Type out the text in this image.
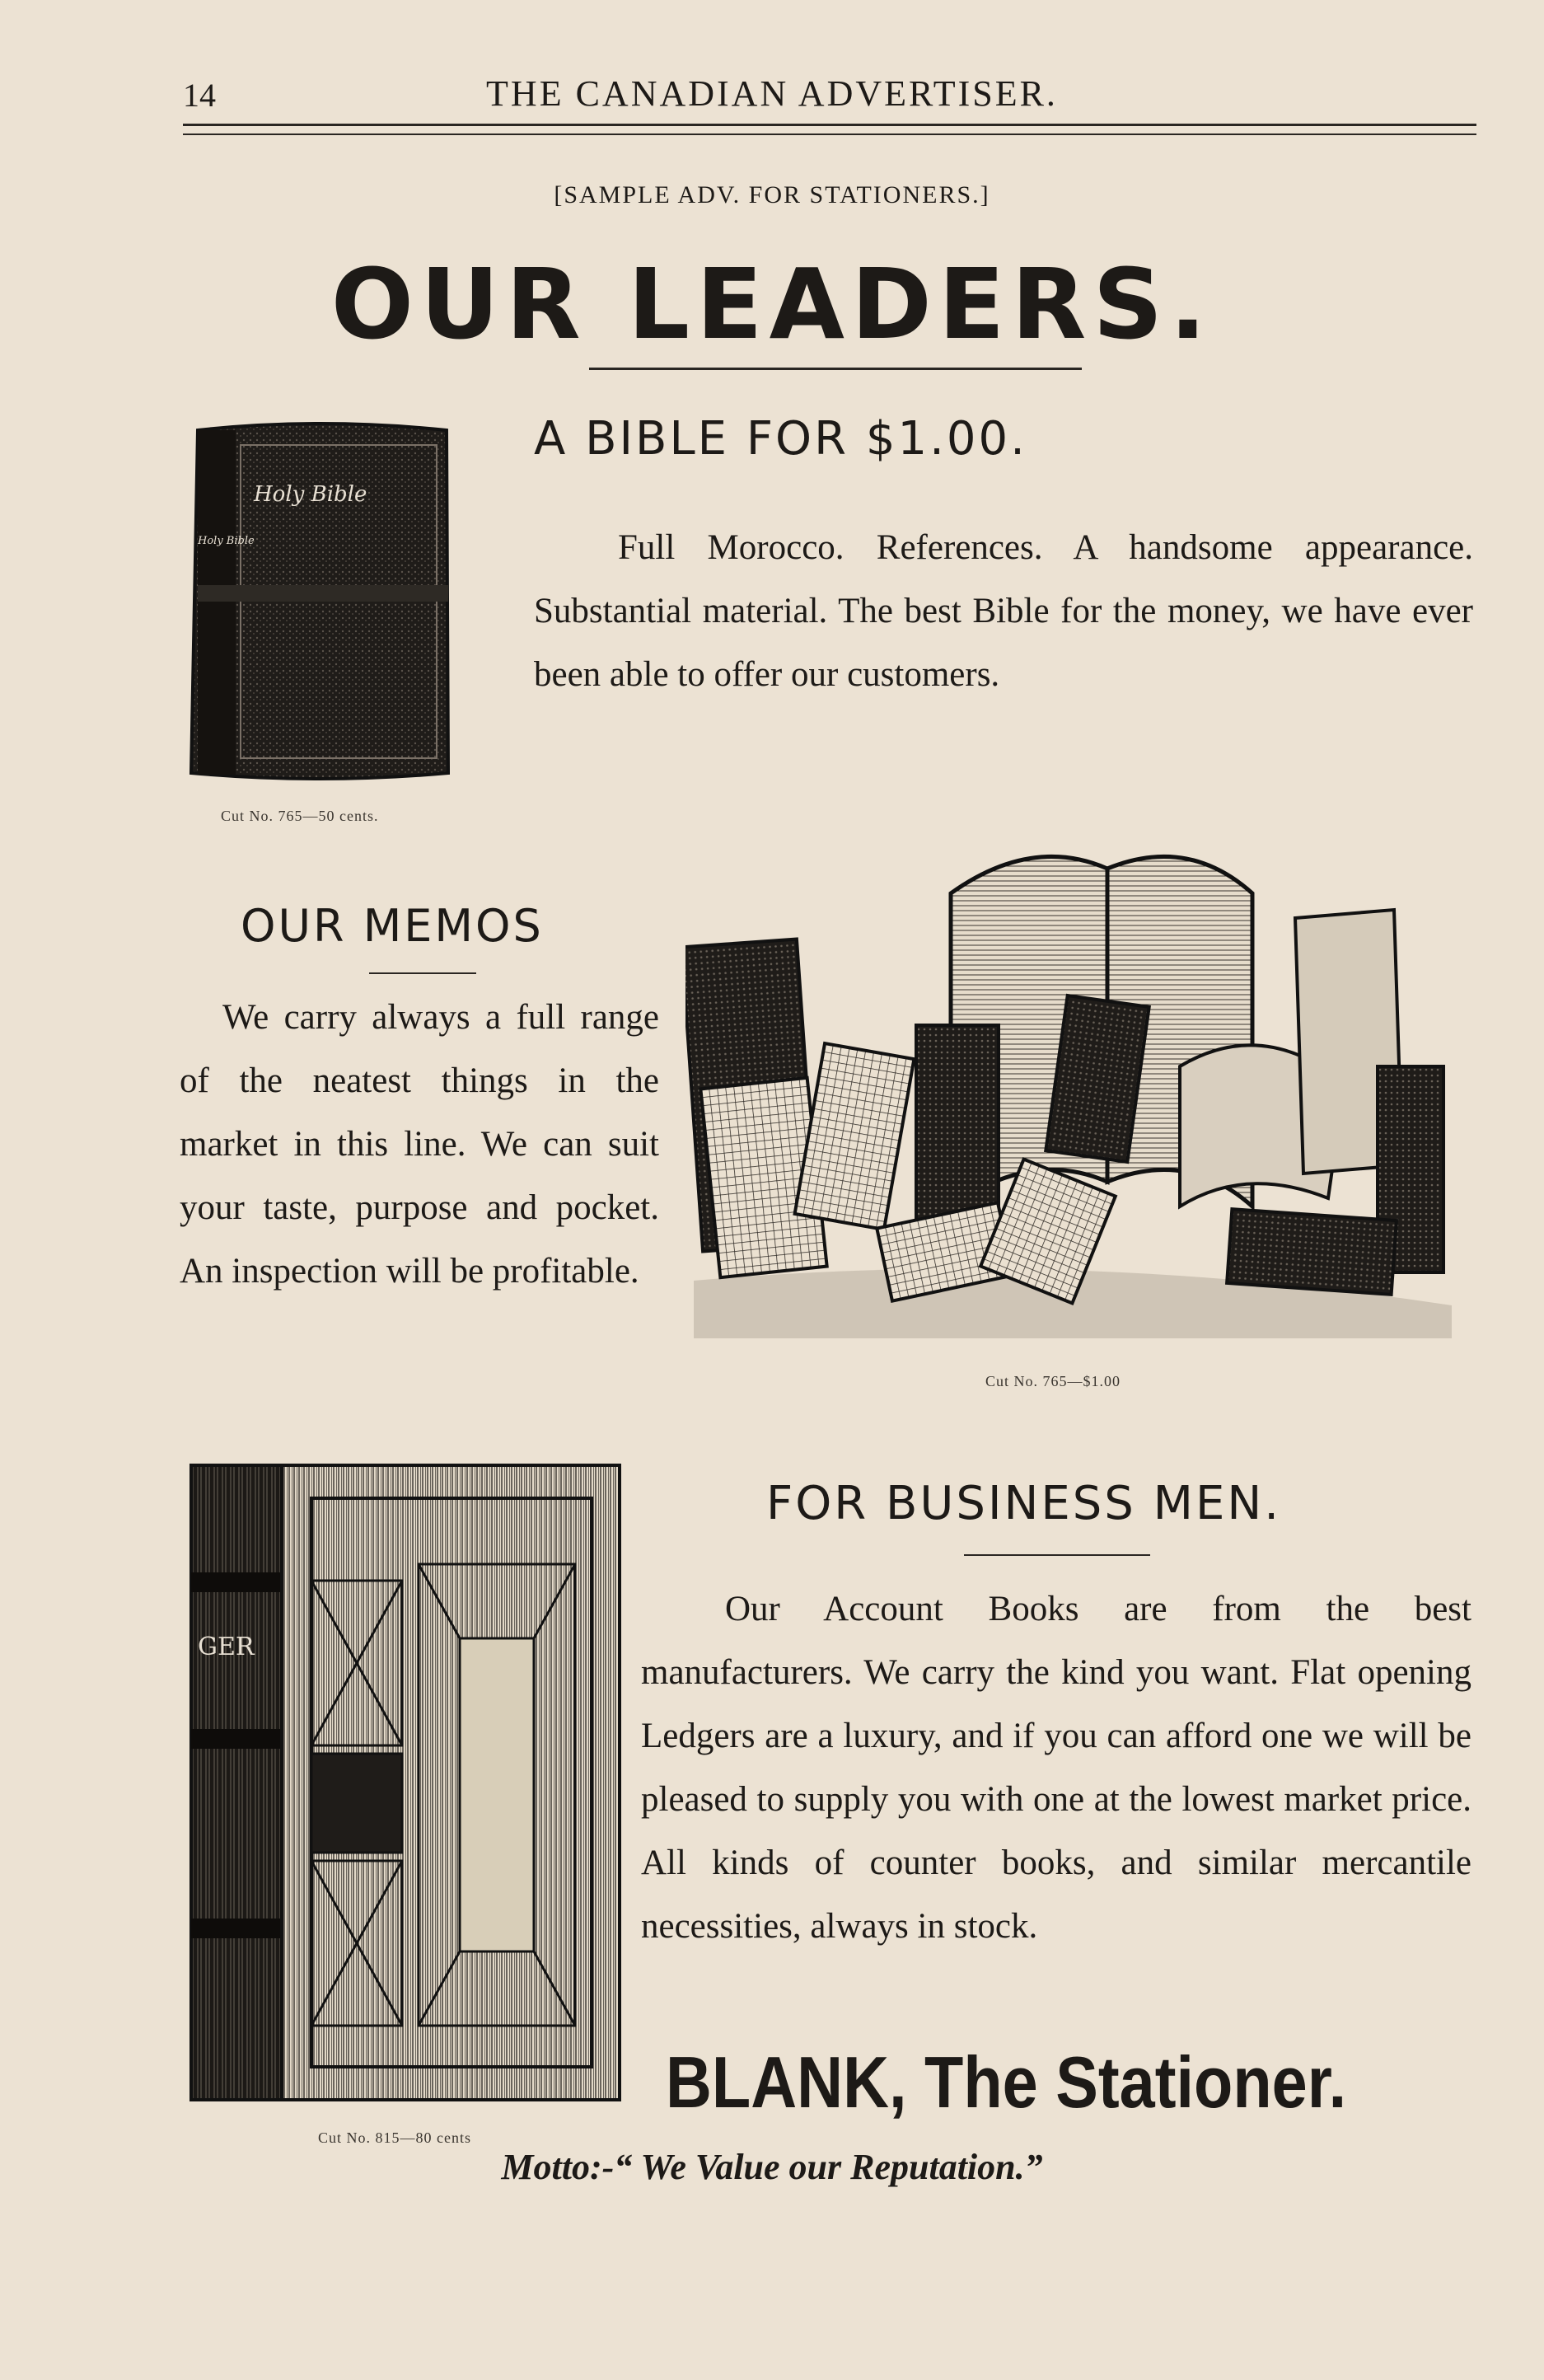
14	THE CANADIAN ADVERTISER.
[SAMPLE ADV. FOR STATIONERS.]
OUR LEADERS.
Holy Bible
Holy Bible
Cut No. 765—50 cents.
A BIBLE FOR $1.00.
Full Morocco. References. A handsome appearance. Substantial material. The best Bible for the money, we have ever been able to offer our customers.
OUR MEMOS
We carry always a full range of the neatest things in the market in this line. We can suit your taste, purpose and pocket. An inspection will be profitable.
Cut No. 765—$1.00
GER
Cut No. 815—80 cents
FOR BUSINESS MEN.
Our Account Books are from the best manufacturers. We carry the kind you want. Flat opening Ledgers are a luxury, and if you can afford one we will be pleased to supply you with one at the lowest market price. All kinds of counter books, and similar mercantile necessities, always in stock.
BLANK, The Stationer.
Motto:-“ We Value our Reputation.”
